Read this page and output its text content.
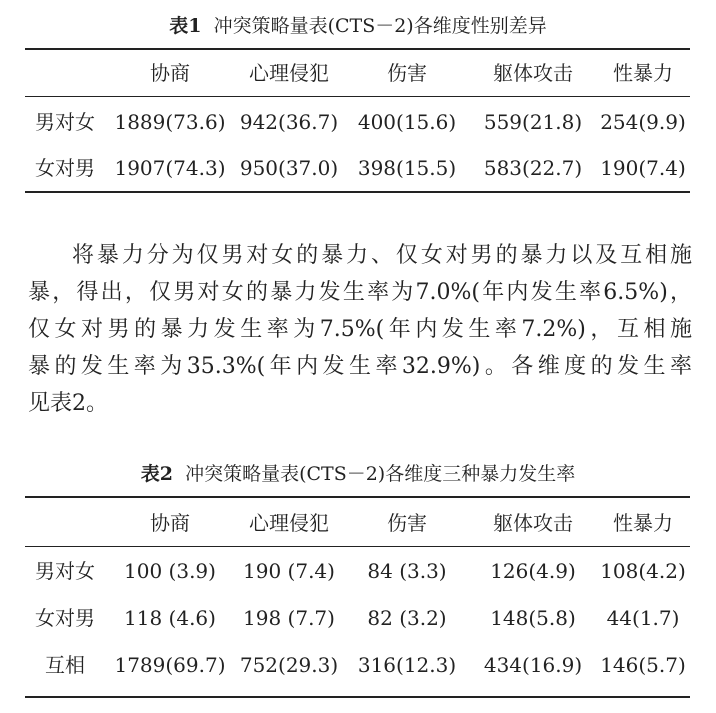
表1 冲突策略量表(CTS－2)各维度性别差异
协商	心理侵犯	伤害	躯体攻击	性暴力
男对女 1889(73.6) 942(36.7) 400(15.6)	559(21.8) 254(9.9)
女对男 1907(74.3) 950(37.0) 398(15.5)	583(22.7) 190(7.4)
将暴力分为仅男对女的暴力、仅女对男的暴力以及互相施
暴，得出，仅男对女的暴力发生率为7.0%(年内发生率6.5%)，
仅女对男的暴力发生率为7.5%(年内发生率7.2%)，互相施
暴的发生率为35.3%(年内发生率32.9%)。各维度的发生率
见表2。
表2 冲突策略量表(CTS－2)各维度三种暴力发生率
协商	心理侵犯	伤害	躯体攻击	性暴力
男对女	100 (3.9)	190 (7.4)	84 (3.3)	126(4.9)	108(4.2)
女对男	118 (4.6)	198 (7.7)	82 (3.2)	148(5.8)	44(1.7)
互相	1789(69.7) 752(29.3) 316(12.3)	434(16.9) 146(5.7)
